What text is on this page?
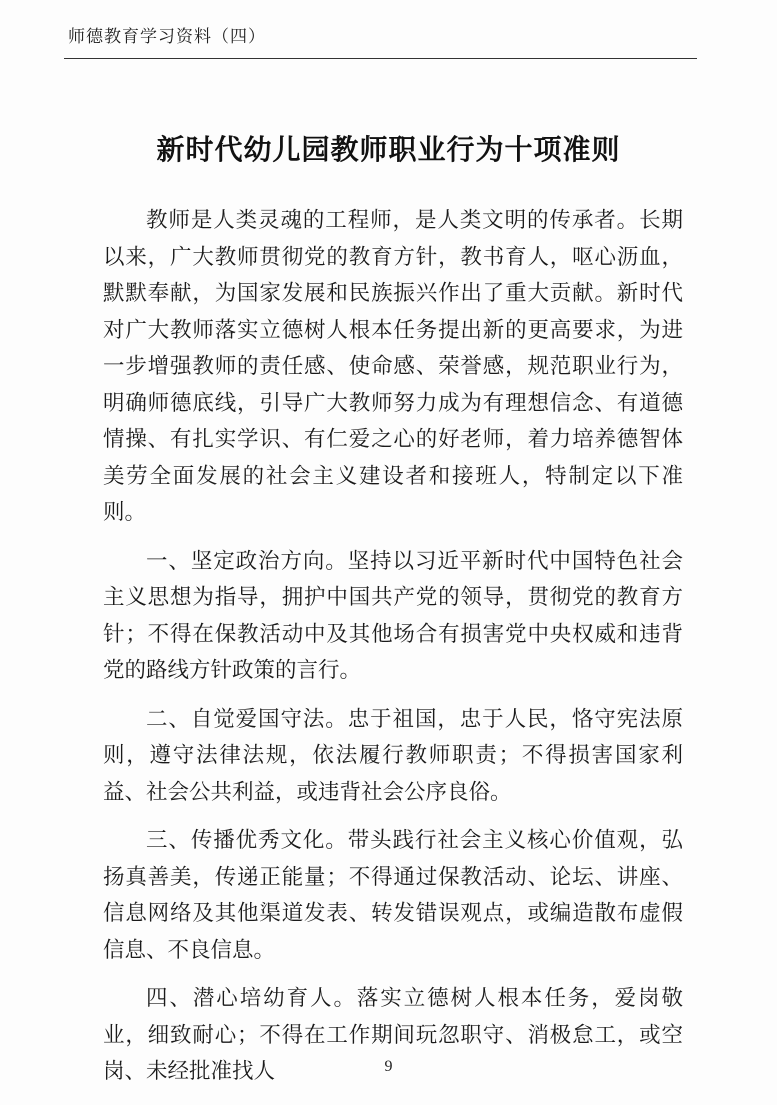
师德教育学习资料（四）
新时代幼儿园教师职业行为十项准则

教师是人类灵魂的工程师，是人类文明的传承者。长期以来，广大教师贯彻党的教育方针，教书育人，呕心沥血，默默奉献，为国家发展和民族振兴作出了重大贡献。新时代对广大教师落实立德树人根本任务提出新的更高要求，为进一步增强教师的责任感、使命感、荣誉感，规范职业行为，明确师德底线，引导广大教师努力成为有理想信念、有道德情操、有扎实学识、有仁爱之心的好老师，着力培养德智体美劳全面发展的社会主义建设者和接班人，特制定以下准则。

一、坚定政治方向。坚持以习近平新时代中国特色社会主义思想为指导，拥护中国共产党的领导，贯彻党的教育方针；不得在保教活动中及其他场合有损害党中央权威和违背党的路线方针政策的言行。

二、自觉爱国守法。忠于祖国，忠于人民，恪守宪法原则，遵守法律法规，依法履行教师职责；不得损害国家利益、社会公共利益，或违背社会公序良俗。

三、传播优秀文化。带头践行社会主义核心价值观，弘扬真善美，传递正能量；不得通过保教活动、论坛、讲座、信息网络及其他渠道发表、转发错误观点，或编造散布虚假信息、不良信息。

四、潜心培幼育人。落实立德树人根本任务，爱岗敬业，细致耐心；不得在工作期间玩忽职守、消极怠工，或空岗、未经批准找人	9
